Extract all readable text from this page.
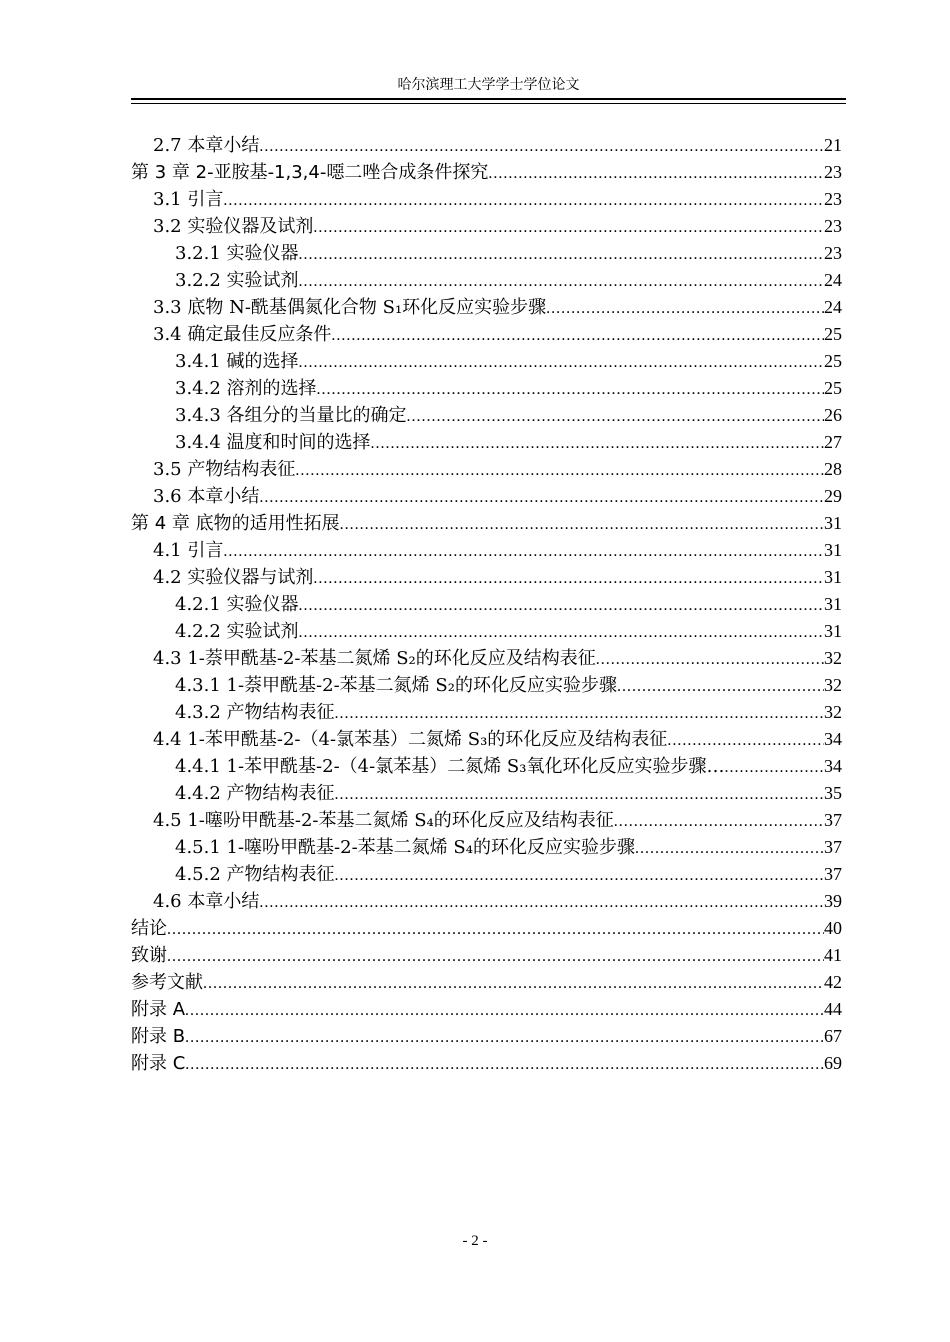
哈尔滨理工大学学士学位论文
2.7 本章小结 .....	21
第 3 章 2-亚胺基-1,3,4-噁二唑合成条件探究 .....	23
3.1 引言 .....	23
3.2 实验仪器及试剂 .....	23
3.2.1 实验仪器 .....	23
3.2.2 实验试剂 .....	24
3.3 底物 N-酰基偶氮化合物 S₁环化反应实验步骤 .....	24
3.4 确定最佳反应条件 .....	25
3.4.1 碱的选择 .....	25
3.4.2 溶剂的选择 .....	25
3.4.3 各组分的当量比的确定 .....	26
3.4.4 温度和时间的选择 .....	27
3.5 产物结构表征 .....	28
3.6 本章小结 .....	29
第 4 章 底物的适用性拓展 .....	31
4.1 引言 .....	31
4.2 实验仪器与试剂 .....	31
4.2.1 实验仪器 .....	31
4.2.2 实验试剂 .....	31
4.3 1-萘甲酰基-2-苯基二氮烯 S₂的环化反应及结构表征 .....	32
4.3.1 1-萘甲酰基-2-苯基二氮烯 S₂的环化反应实验步骤 .....	32
4.3.2 产物结构表征 .....	32
4.4 1-苯甲酰基-2-（4-氯苯基）二氮烯 S₃的环化反应及结构表征 .....	34
4.4.1 1-苯甲酰基-2-（4-氯苯基）二氮烯 S₃氧化环化反应实验步骤… .....	34
4.4.2 产物结构表征 .....	35
4.5 1-噻吩甲酰基-2-苯基二氮烯 S₄的环化反应及结构表征 .....	37
4.5.1 1-噻吩甲酰基-2-苯基二氮烯 S₄的环化反应实验步骤 .....	37
4.5.2 产物结构表征 .....	37
4.6 本章小结 .....	39
结论 .....	40
致谢 .....	41
参考文献 .....	42
附录 A .....	44
附录 B .....	67
附录 C .....	69
- 2 -
